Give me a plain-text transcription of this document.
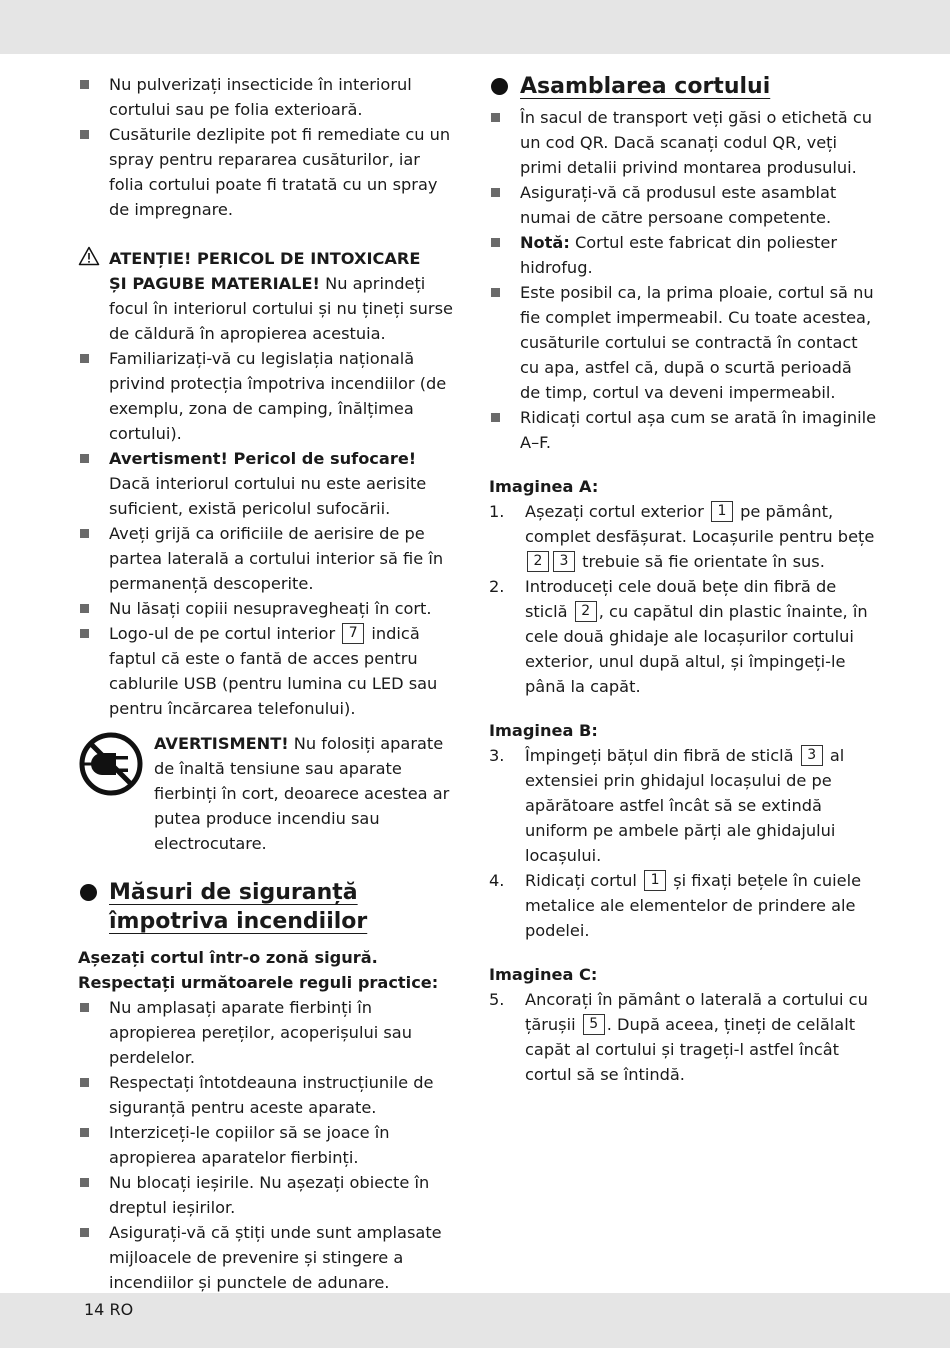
Nu pulverizați insecticide în interiorul cortului sau pe folia exterioară.
Cusăturile dezlipite pot fi remediate cu un spray pentru repararea cusăturilor, iar folia cortului poate fi tratată cu un spray de impregnare.
ATENȚIE! PERICOL DE INTOXICARE
ȘI PAGUBE MATERIALE! Nu aprindeți focul în interiorul cortului și nu țineți surse de căldură în apropierea acestuia.
Familiarizați-vă cu legislația națională privind protecția împotriva incendiilor (de exemplu, zona de camping, înălțimea cortului).
Avertisment! Pericol de sufocare!
Dacă interiorul cortului nu este aerisite suficient, există pericolul sufocării.
Aveți grijă ca orificiile de aerisire de pe partea laterală a cortului interior să fie în permanență descoperite.
Nu lăsați copiii nesupravegheați în cort.
Logo-ul de pe cortul interior 7 indică faptul că este o fantă de acces pentru cablurile USB (pentru lumina cu LED sau pentru încărcarea telefonului).
AVERTISMENT! Nu folosiți aparate de înaltă tensiune sau aparate fierbinți în cort, deoarece acestea ar putea produce incendiu sau electrocutare.
Măsuri de siguranță
împotriva incendiilor
Așezați cortul într-o zonă sigură.
Respectați următoarele reguli practice:
Nu amplasați aparate fierbinți în apropierea pereților, acoperișului sau perdelelor.
Respectați întotdeauna instrucțiunile de siguranță pentru aceste aparate.
Interziceți-le copiilor să se joace în apropierea aparatelor fierbinți.
Nu blocați ieșirile. Nu așezați obiecte în dreptul ieșirilor.
Asigurați-vă că știți unde sunt amplasate mijloacele de prevenire și stingere a incendiilor și punctele de adunare.
Asamblarea cortului
În sacul de transport veți găsi o etichetă cu un cod QR. Dacă scanați codul QR, veți primi detalii privind montarea produsului.
Asigurați-vă că produsul este asamblat numai de către persoane competente.
Notă: Cortul este fabricat din poliester hidrofug.
Este posibil ca, la prima ploaie, cortul să nu fie complet impermeabil. Cu toate acestea, cusăturile cortului se contractă în contact cu apa, astfel că, după o scurtă perioadă de timp, cortul va deveni impermeabil.
Ridicați cortul așa cum se arată în imaginile A–F.
Imaginea A:
1. Așezați cortul exterior 1 pe pământ, complet desfășurat. Locașurile pentru bețe 2 3 trebuie să fie orientate în sus.
2. Introduceți cele două bețe din fibră de sticlă 2 , cu capătul din plastic înainte, în cele două ghidaje ale locașurilor cortului exterior, unul după altul, și împingeți-le până la capăt.
Imaginea B:
3. Împingeți bățul din fibră de sticlă 3 al extensiei prin ghidajul locașului de pe apărătoare astfel încât să se extindă uniform pe ambele părți ale ghidajului locașului.
4. Ridicați cortul 1 și fixați bețele în cuiele metalice ale elementelor de prindere ale podelei.
Imaginea C:
5. Ancorați în pământ o laterală a cortului cu țărușii 5 . După aceea, țineți de celălalt capăt al cortului și trageți-l astfel încât cortul să se întindă.
14 RO
